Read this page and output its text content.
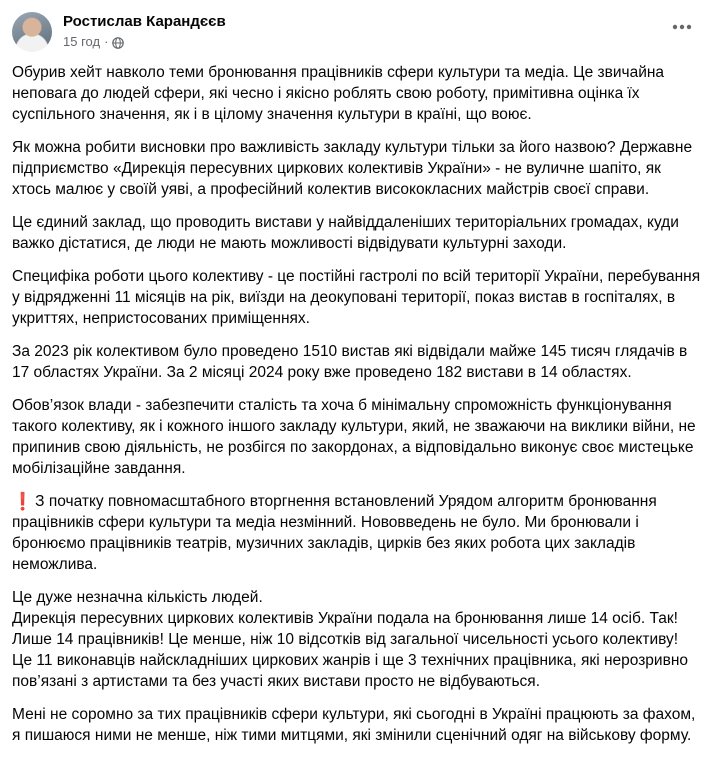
Ростислав Карандєєв
15 год ·

Обурив хейт навколо теми бронювання працівників сфери культури та медіа. Це звичайна неповага до людей сфери, які чесно і якісно роблять свою роботу, примітивна оцінка їх суспільного значення, як і в цілому значення культури в країні, що воює.

Як можна робити висновки про важливість закладу культури тільки за його назвою? Державне підприємство «Дирекція пересувних циркових колективів України» - не вуличне шапіто, як хтось малює у своїй уяві, а професійний колектив висококласних майстрів своєї справи.

Це єдиний заклад, що проводить вистави у найвіддаленіших територіальних громадах, куди важко дістатися, де люди не мають можливості відвідувати культурні заходи.

Специфіка роботи цього колективу - це постійні гастролі по всій території України, перебування у відрядженні 11 місяців на рік, виїзди на деокуповані території, показ вистав в госпіталях, в укриттях, непристосованих приміщеннях.

За 2023 рік колективом було проведено 1510 вистав які відвідали майже 145 тисяч глядачів в 17 областях України. За 2 місяці 2024 року вже проведено 182 вистави в 14 областях.

Обов’язок влади - забезпечити сталість та хоча б мінімальну спроможність функціонування такого колективу, як і кожного іншого закладу культури, який, не зважаючи на виклики війни, не припинив свою діяльність, не розбігся по закордонах, а відповідально виконує своє мистецьке мобілізаційне завдання.

❗ З початку повномасштабного вторгнення встановлений Урядом алгоритм бронювання працівників сфери культури та медіа незмінний. Нововведень не було. Ми бронювали і бронюємо працівників театрів, музичних закладів, цирків без яких робота цих закладів неможлива.

Це дуже незначна кількість людей.
Дирекція пересувних циркових колективів України подала на бронювання лише 14 осіб. Так! Лише 14 працівників! Це менше, ніж 10 відсотків від загальної чисельності усього колективу! Це 11 виконавців найскладніших циркових жанрів і ще 3 технічних працівника, які нерозривно пов’язані з артистами та без участі яких вистави просто не відбуваються.

Мені не соромно за тих працівників сфери культури, які сьогодні в Україні працюють за фахом, я пишаюся ними не менше, ніж тими митцями, які змінили сценічний одяг на військову форму.
